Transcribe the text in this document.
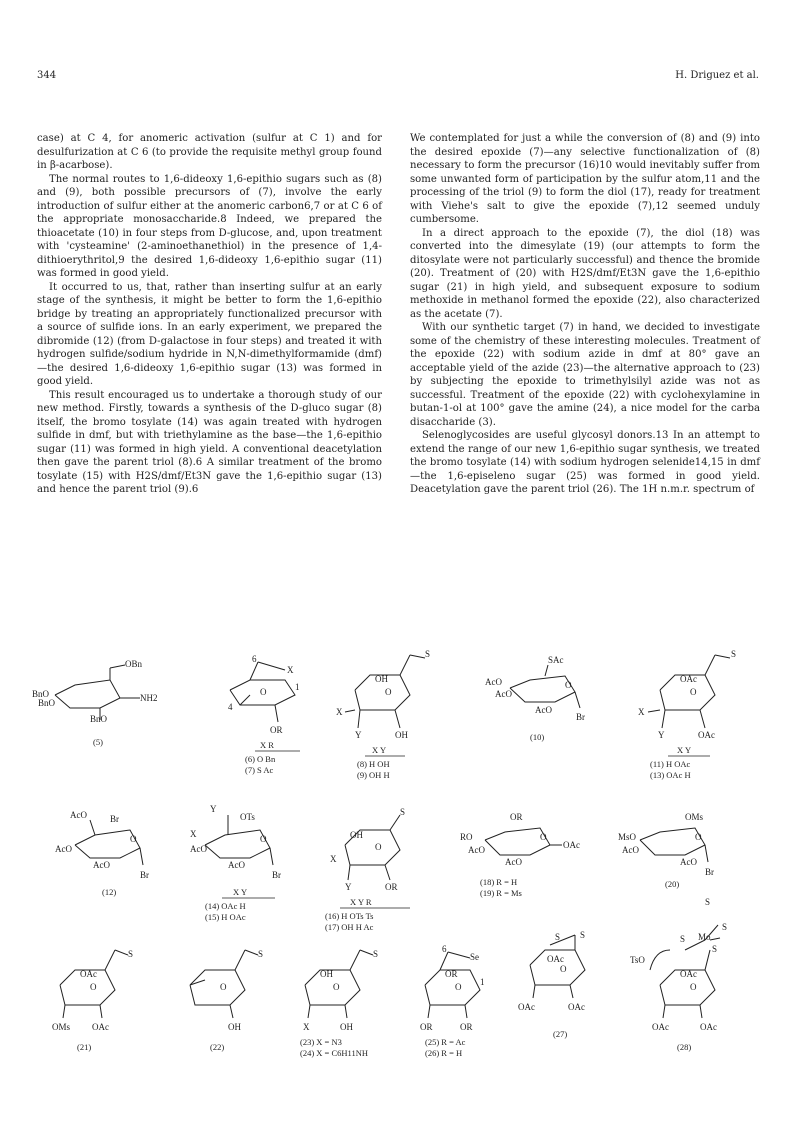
344	H. Driguez et al.

case) at C 4, for anomeric activation (sulfur at C 1) and for desulfurization at C 6 (to provide the requisite methyl group found in β-acarbose).

The normal routes to 1,6-dideoxy 1,6-epithio sugars such as (8) and (9), both possible precursors of (7), involve the early introduction of sulfur either at the anomeric carbon6,7 or at C 6 of the appropriate monosaccharide.8 Indeed, we prepared the thioacetate (10) in four steps from D-glucose, and, upon treatment with 'cysteamine' (2-aminoethanethiol) in the presence of 1,4-dithioerythritol,9 the desired 1,6-dideoxy 1,6-epithio sugar (11) was formed in good yield.

It occurred to us, that, rather than inserting sulfur at an early stage of the synthesis, it might be better to form the 1,6-epithio bridge by treating an appropriately functionalized precursor with a source of sulfide ions. In an early experiment, we prepared the dibromide (12) (from D-galactose in four steps) and treated it with hydrogen sulfide/sodium hydride in N,N-dimethylformamide (dmf)—the desired 1,6-dideoxy 1,6-epithio sugar (13) was formed in good yield.

This result encouraged us to undertake a thorough study of our new method. Firstly, towards a synthesis of the D-gluco sugar (8) itself, the bromo tosylate (14) was again treated with hydrogen sulfide in dmf, but with triethylamine as the base—the 1,6-epithio sugar (11) was formed in high yield. A conventional deacetylation then gave the parent triol (8).6 A similar treatment of the bromo tosylate (15) with H2S/dmf/Et3N gave the 1,6-epithio sugar (13) and hence the parent triol (9).6

We contemplated for just a while the conversion of (8) and (9) into the desired epoxide (7)—any selective functionalization of (8) necessary to form the precursor (16)10 would inevitably suffer from some unwanted form of participation by the sulfur atom,11 and the processing of the triol (9) to form the diol (17), ready for treatment with Viehe's salt to give the epoxide (7),12 seemed unduly cumbersome.

In a direct approach to the epoxide (7), the diol (18) was converted into the dimesylate (19) (our attempts to form the ditosylate were not particularly successful) and thence the bromide (20). Treatment of (20) with H2S/dmf/Et3N gave the 1,6-epithio sugar (21) in high yield, and subsequent exposure to sodium methoxide in methanol formed the epoxide (22), also characterized as the acetate (7).

With our synthetic target (7) in hand, we decided to investigate some of the chemistry of these interesting molecules. Treatment of the epoxide (22) with sodium azide in dmf at 80° gave an acceptable yield of the azide (23)—the alternative approach to (23) by subjecting the epoxide to trimethylsilyl azide was not as successful. Treatment of the epoxide (22) with cyclohexylamine in butan-1-ol at 100° gave the amine (24), a nice model for the carba disaccharide (3).

Selenoglycosides are useful glycosyl donors.13 In an attempt to extend the range of our new 1,6-epithio sugar synthesis, we treated the bromo tosylate (14) with sodium hydrogen selenide14,15 in dmf—the 1,6-episeleno sugar (25) was formed in good yield. Deacetylation gave the parent triol (26). The 1H n.m.r. spectrum of

OBn
BnO
BnO
BnO
NH2
(5)
6
1
4
X
O
OR
X R
(6) O Bn
(7) S Ac
S
OH
O
X
Y	OH
X Y
(8) H OH
(9) OH H
SAc
AcO
AcO
AcO
O
Br
(10)
S
OAc
O
X
Y	OAc
X Y
(11) H OAc
(13) OAc H
AcO	Br
AcO
AcO
O
Br
(12)
Y
OTs
X
AcO
AcO
O
Br
X Y
(14) OAc H
(15) H OAc
S
OH
O
X
Y	OR
X Y R
(16) H OTs Ts
(17) OH H Ac
OR
RO
AcO
AcO
O
OAc
(18) R = H
(19) R = Ms
OMs
MsO
AcO
AcO
O
Br
(20)
S
OAc
O
OMs OAc
(21)
S
O
OH
(22)
S
OH
O
X	OH
(23) X = N3
(24) X = C6H11NH
6
Se
OR
1
O
OR	OR
(25) R = Ac
(26) R = H
S S
OAc
O
OAc	OAc
(27)
S
S
Mo
S
TsO
S
OAc
O
OAc	OAc
(28)
